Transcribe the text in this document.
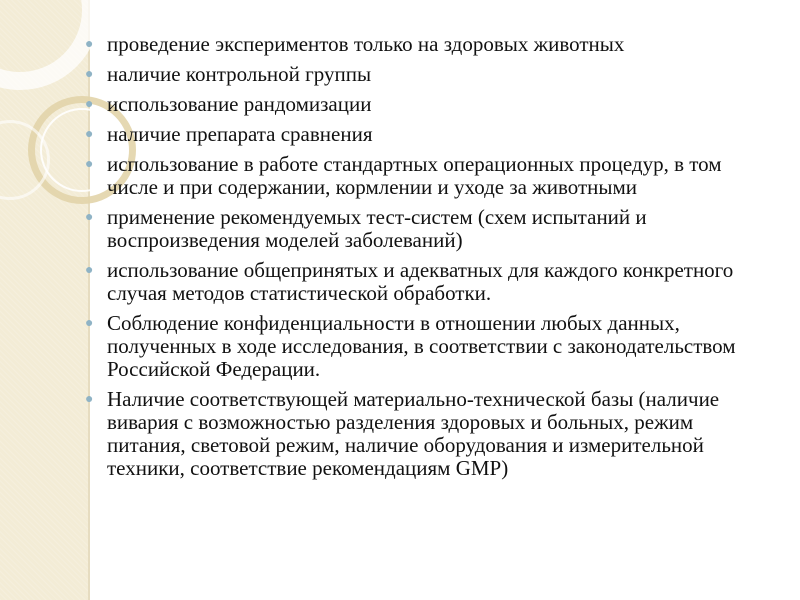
● проведение экспериментов только на здоровых животных
● наличие контрольной группы
● использование рандомизации
● наличие препарата сравнения
● использование в работе стандартных операционных процедур, в том числе и при содержании, кормлении и уходе за животными
● применение рекомендуемых тест-систем (схем испытаний и воспроизведения моделей заболеваний)
● использование общепринятых и адекватных для каждого конкретного случая методов статистической обработки.
● Соблюдение конфиденциальности в отношении любых данных, полученных в ходе исследования, в соответствии с законодательством Российской Федерации.
● Наличие соответствующей материально-технической базы (наличие вивария с возможностью разделения здоровых и больных, режим питания, световой режим, наличие оборудования и измерительной техники, соответствие рекомендациям GMP)
